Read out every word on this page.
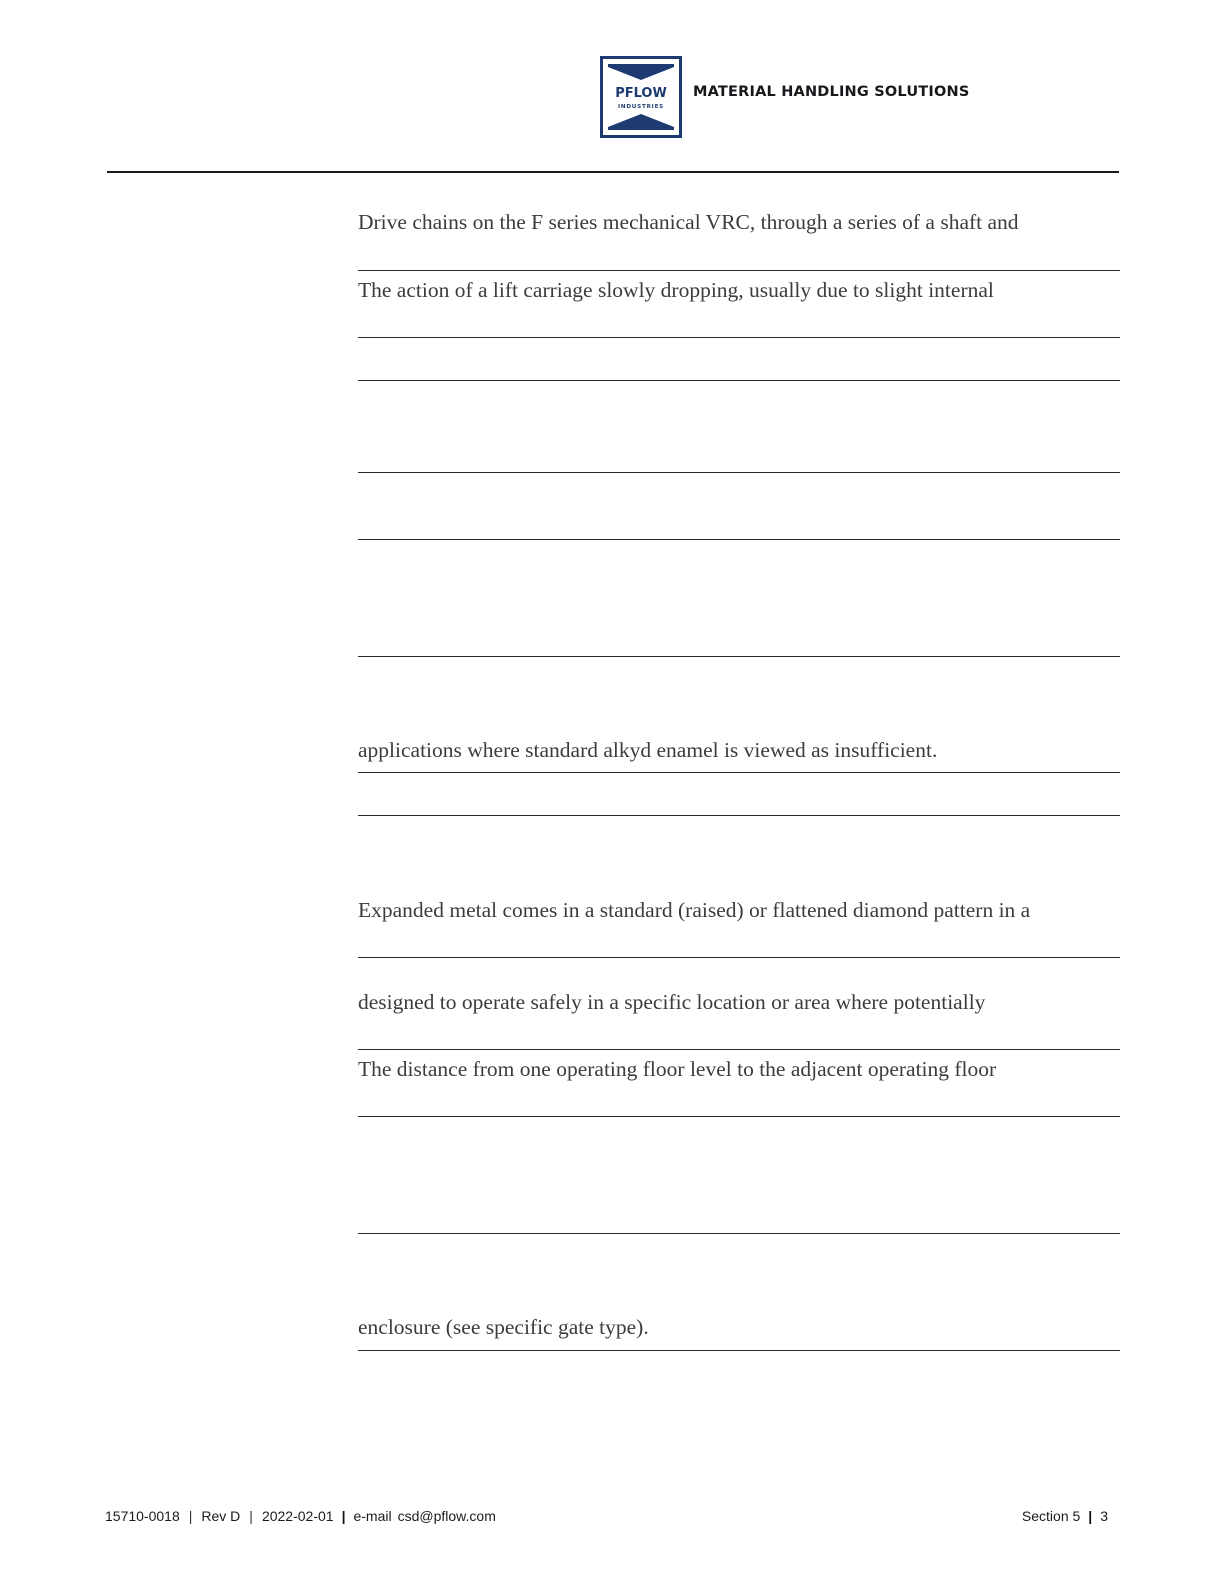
PFLOW
INDUSTRIES
MATERIAL HANDLING SOLUTIONS
Drive chains on the F series mechanical VRC, through a series of a shaft and
The action of a lift carriage slowly dropping, usually due to slight internal
applications where standard alkyd enamel is viewed as insufficient.
Expanded metal comes in a standard (raised) or flattened diamond pattern in a
designed to operate safely in a specific location or area where potentially
The distance from one operating floor level to the adjacent operating floor
enclosure (see specific gate type).
15710-0018 | Rev D | 2022-02-01 | e-mail csd@pflow.com	Section 5 | 3
